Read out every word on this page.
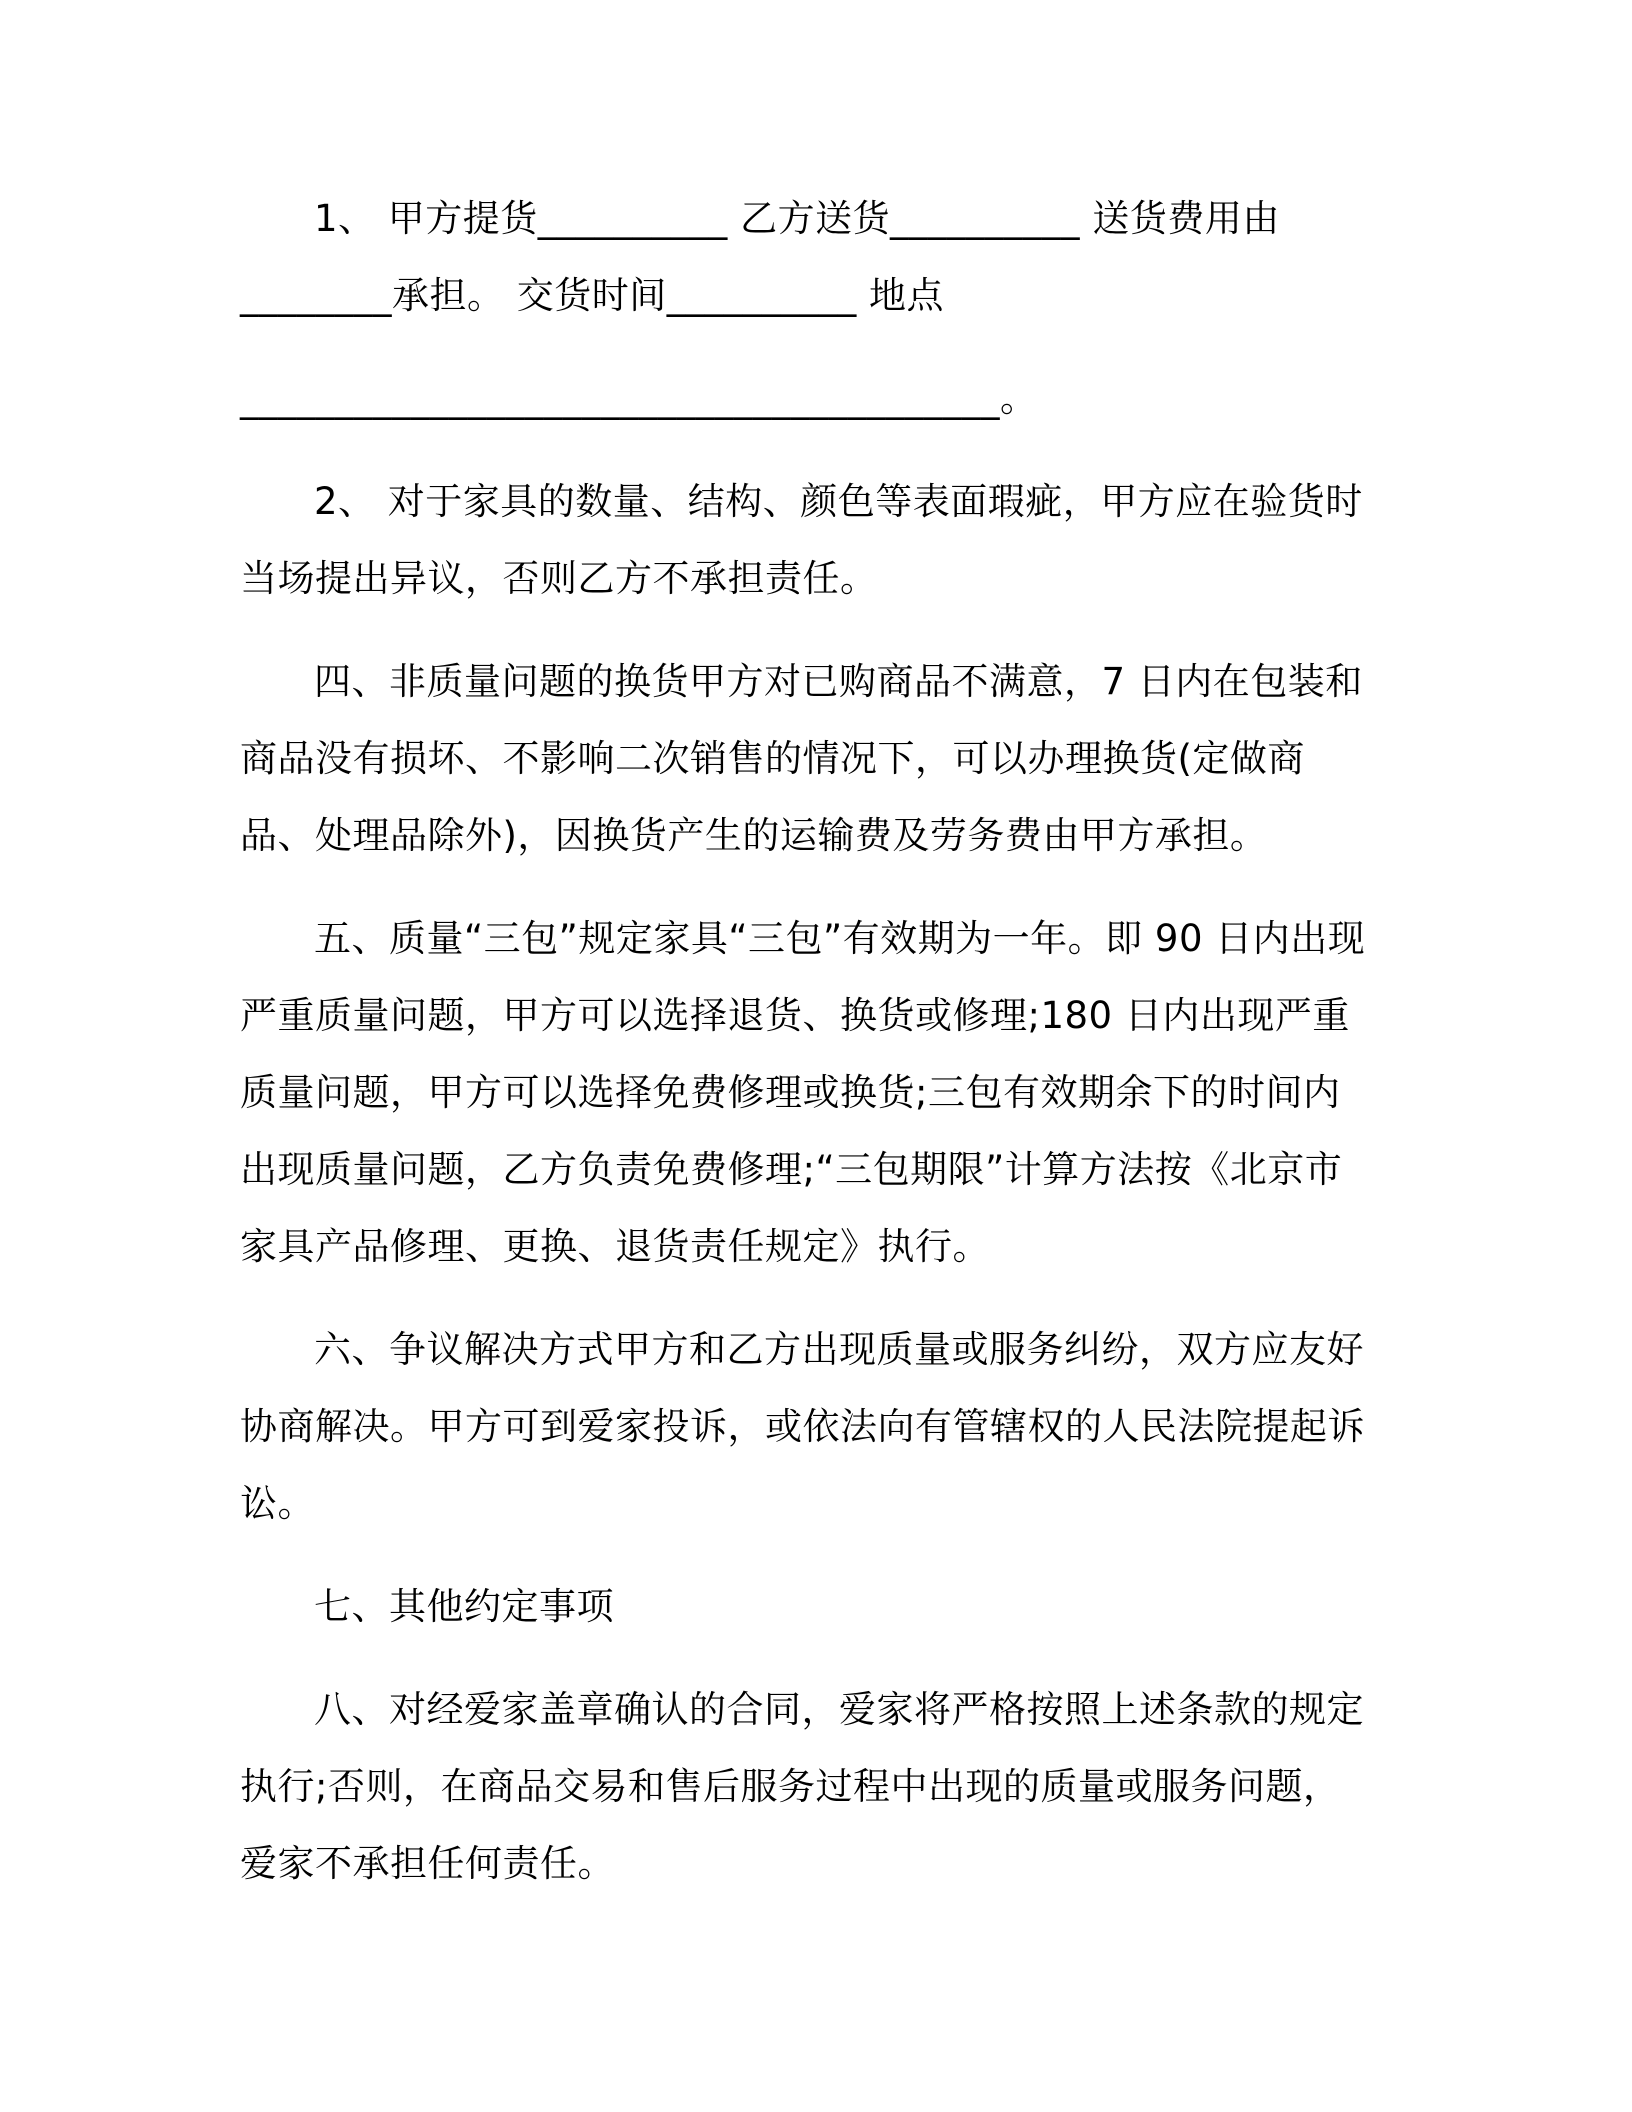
1、 甲方提货__________ 乙方送货__________ 送货费用由
________承担。 交货时间__________ 地点
________________________________________。

2、 对于家具的数量、结构、颜色等表面瑕疵，甲方应在验货时当场提出异议，否则乙方不承担责任。

四、非质量问题的换货甲方对已购商品不满意，7 日内在包装和商品没有损坏、不影响二次销售的情况下，可以办理换货(定做商品、处理品除外)，因换货产生的运输费及劳务费由甲方承担。

五、质量“三包”规定家具“三包”有效期为一年。即 90 日内出现严重质量问题，甲方可以选择退货、换货或修理;180 日内出现严重质量问题，甲方可以选择免费修理或换货;三包有效期余下的时间内出现质量问题，乙方负责免费修理;“三包期限”计算方法按《北京市家具产品修理、更换、退货责任规定》执行。

六、争议解决方式甲方和乙方出现质量或服务纠纷，双方应友好协商解决。甲方可到爱家投诉，或依法向有管辖权的人民法院提起诉讼。

七、其他约定事项

八、对经爱家盖章确认的合同，爱家将严格按照上述条款的规定执行;否则，在商品交易和售后服务过程中出现的质量或服务问题，爱家不承担任何责任。
